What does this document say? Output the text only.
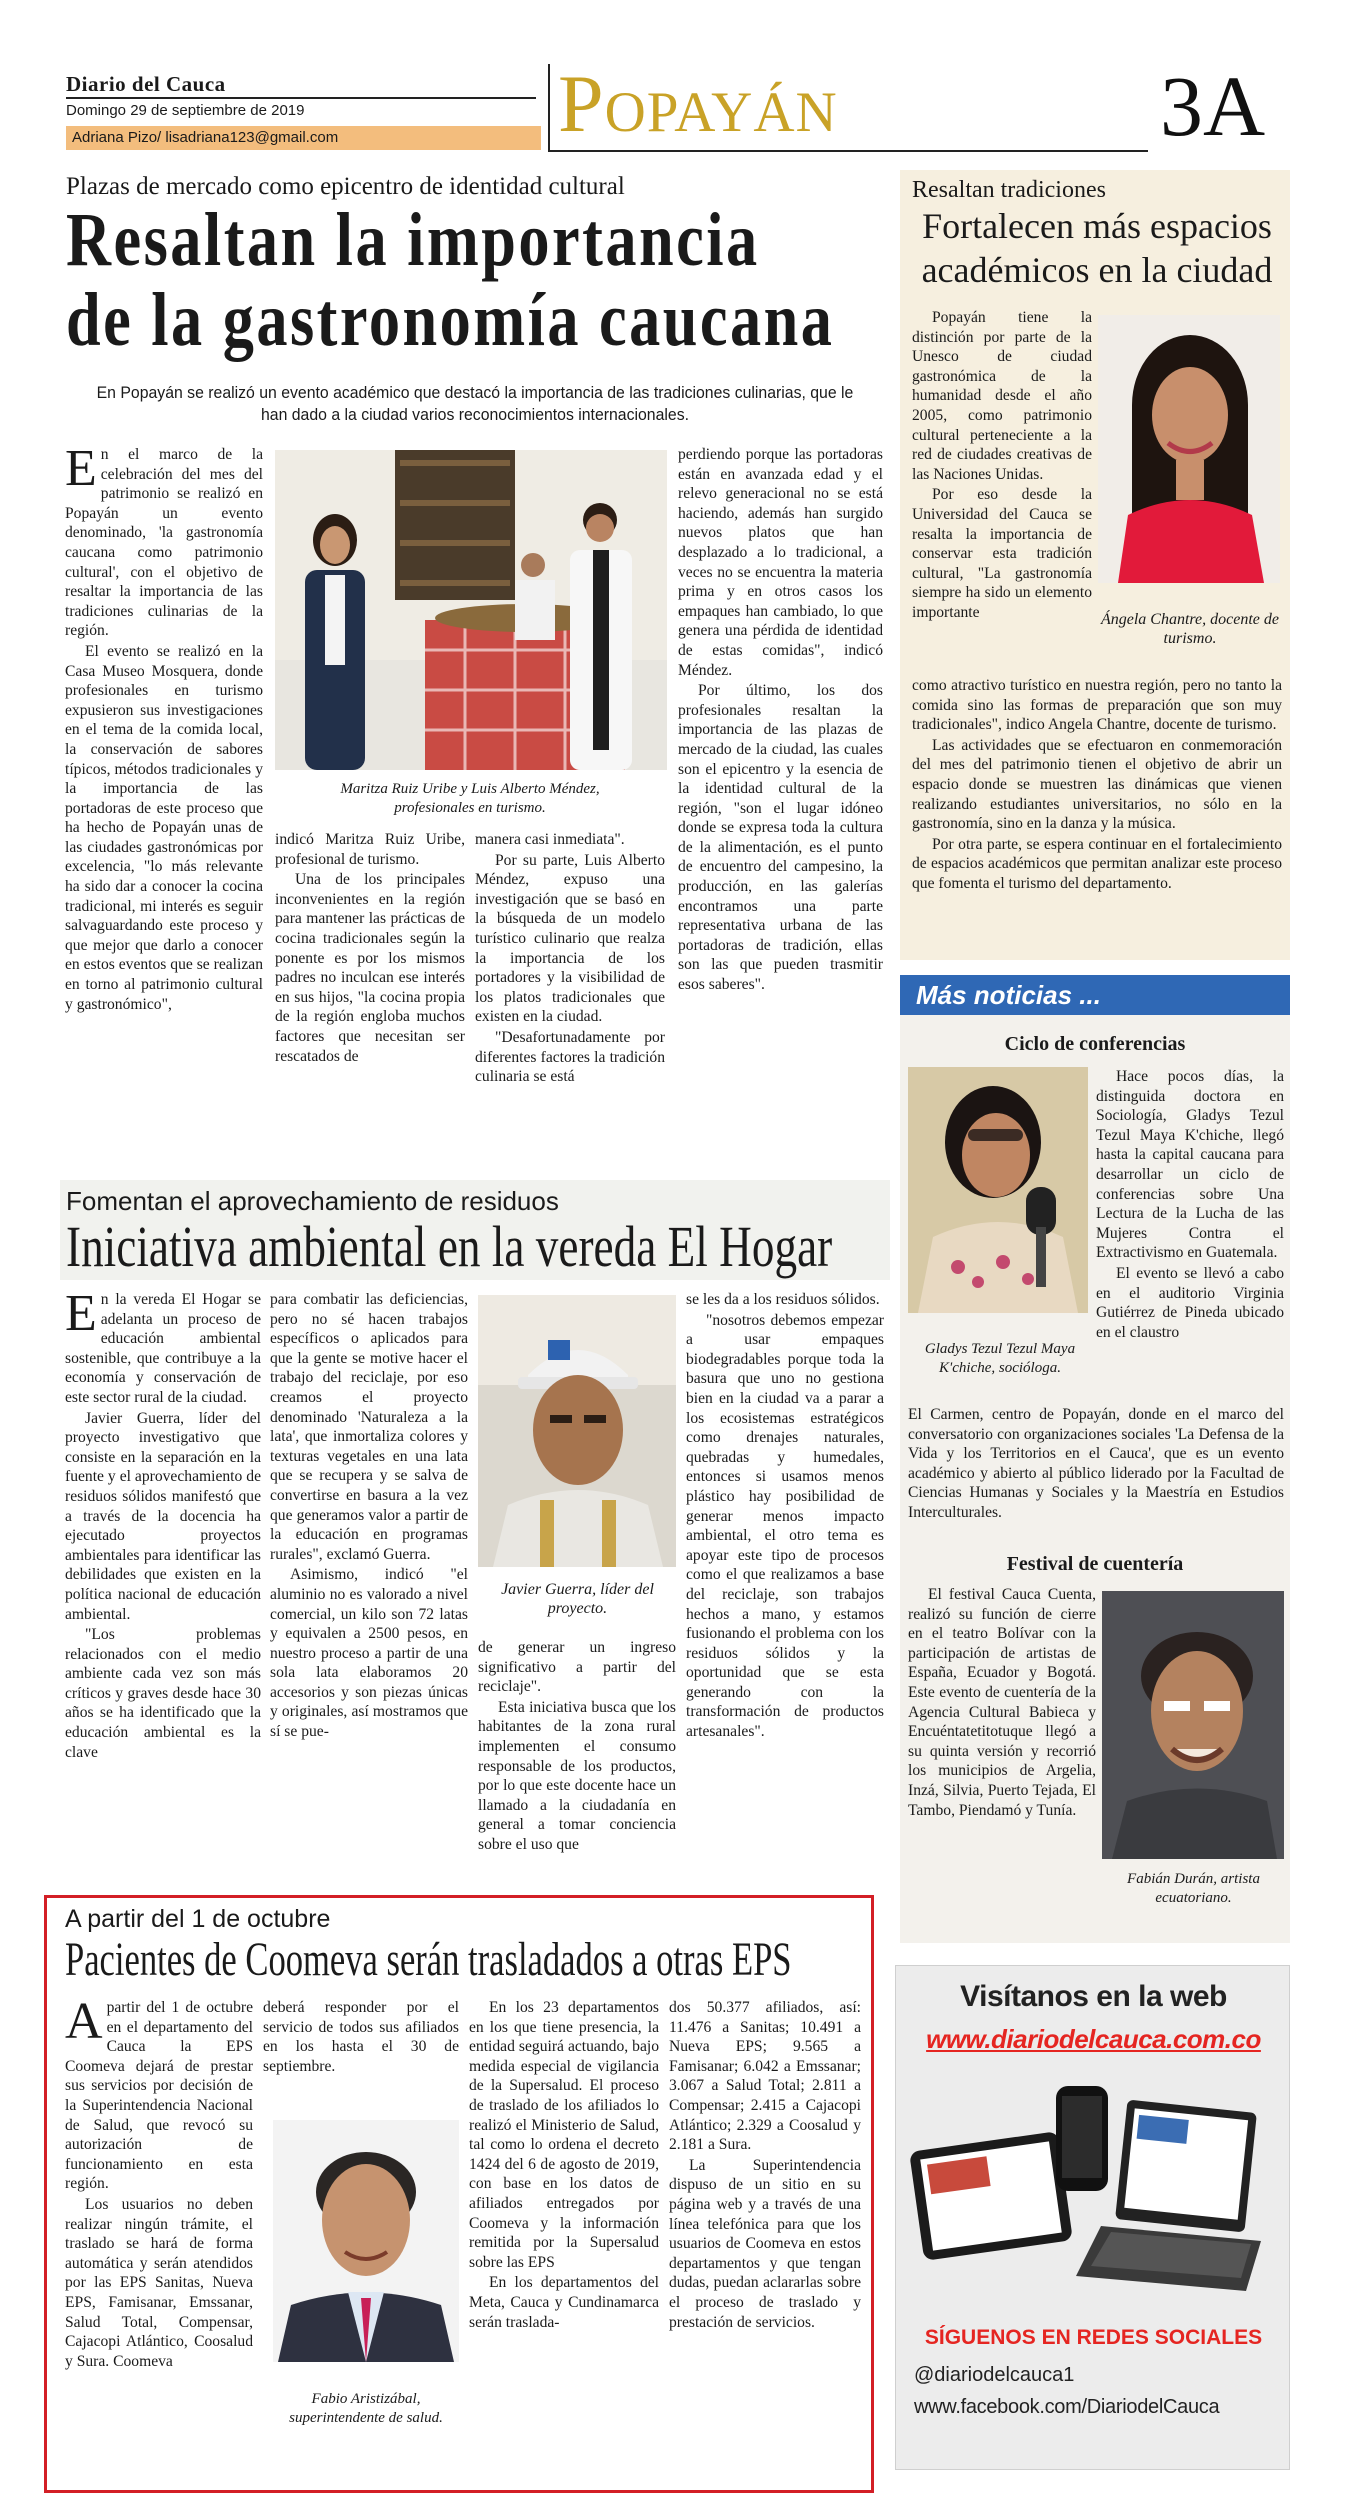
Diario del Cauca
Domingo 29 de septiembre de 2019
Adriana Pizo/ lisadriana123@gmail.com	Popayán	3A
Plazas de mercado como epicentro de identidad cultural
Resaltan la importancia
de la gastronomía caucana
En Popayán se realizó un evento académico que destacó la importancia de las tradiciones culinarias, que le han dado a la ciudad varios reconocimientos internacionales.
E n el marco de la celebración del mes del patrimonio se realizó en Popayán un evento denominado, 'la gastronomía caucana como patrimonio cultural', con el objetivo de resaltar la importancia de las tradiciones culinarias de la región.

El evento se realizó en la Casa Museo Mosquera, donde profesionales en turismo expusieron sus investigaciones en el tema de la comida local, la conservación de sabores típicos, métodos tradicionales y la importancia de las portadoras de este proceso que ha hecho de Popayán unas de las ciudades gastronómicas por excelencia, "lo más relevante ha sido dar a conocer la cocina tradicional, mi interés es seguir salvaguardando este proceso y que mejor que darlo a conocer en estos eventos que se realizan en torno al patrimonio cultural y gastronómico",

Maritza Ruiz Uribe y Luis Alberto Méndez, profesionales en turismo.

indicó Maritza Ruiz Uribe, profesional de turismo.

Una de los principales inconvenientes en la región para mantener las prácticas de cocina tradicionales según la ponente es por los mismos padres no inculcan ese interés en sus hijos, "la cocina propia de la región engloba muchos factores que necesitan ser rescatados de

manera casi inmediata".

Por su parte, Luis Alberto Méndez, expuso una investigación que se basó en la búsqueda de un modelo turístico culinario que realza la importancia de los portadores y la visibilidad de los platos tradicionales que existen en la ciudad.

"Desafortunadamente por diferentes factores la tradición culinaria se está

perdiendo porque las portadoras están en avanzada edad y el relevo generacional no se está haciendo, además han surgido nuevos platos que han desplazado a lo tradicional, a veces no se encuentra la materia prima y en otros casos los empaques han cambiado, lo que genera una pérdida de identidad de estas comidas", indicó Méndez.

Por último, los dos profesionales resaltan la importancia de las plazas de mercado de la ciudad, las cuales son el epicentro y la esencia de la identidad cultural de la región, "son el lugar idóneo donde se expresa toda la cultura de la alimentación, es el punto de encuentro del campesino, la producción, en las galerías encontramos una parte representativa urbana de las portadoras de tradición, ellas son las que pueden trasmitir esos saberes".

Resaltan tradiciones
Fortalecen más espacios académicos en la ciudad

Popayán tiene la distinción por parte de la Unesco de ciudad gastronómica de la humanidad desde el año 2005, como patrimonio cultural perteneciente a la red de ciudades creativas de las Naciones Unidas.

Por eso desde la Universidad del Cauca se resalta la importancia de conservar esta tradición cultural, "La gastronomía siempre ha sido un elemento importante	Ángela Chantre, docente de turismo.

como atractivo turístico en nuestra región, pero no tanto la comida sino las formas de preparación que son muy tradicionales", indico Angela Chantre, docente de turismo.

Las actividades que se efectuaron en conmemoración del mes del patrimonio tienen el objetivo de abrir un espacio donde se muestren las dinámicas que vienen realizando estudiantes universitarios, no sólo en la gastronomía, sino en la danza y la música.

Por otra parte, se espera continuar en el fortalecimiento de espacios académicos que permitan analizar este proceso que fomenta el turismo del departamento.

Más noticias ...
Ciclo de conferencias
Gladys Tezul Tezul Maya K'chiche, socióloga.

Hace pocos días, la distinguida doctora en Sociología, Gladys Tezul Tezul Maya K'chiche, llegó hasta la capital caucana para desarrollar un ciclo de conferencias sobre Una Lectura de la Lucha de las Mujeres Contra el Extractivismo en Guatemala.

El evento se llevó a cabo en el auditorio Virginia Gutiérrez de Pineda ubicado en el claustro

El Carmen, centro de Popayán, donde en el marco del conversatorio con organizaciones sociales 'La Defensa de la Vida y los Territorios en el Cauca', que es un evento académico y abierto al público liderado por la Facultad de Ciencias Humanas y Sociales y la Maestría en Estudios Interculturales.

Festival de cuentería

El festival Cauca Cuenta, realizó su función de cierre en el teatro Bolívar con la participación de artistas de España, Ecuador y Bogotá. Este evento de cuentería de la Agencia Cultural Babieca y Encuéntatetitotuque llegó a su quinta versión y recorrió los municipios de Argelia, Inzá, Silvia, Puerto Tejada, El Tambo, Piendamó y Tunía.

Fabián Durán, artista ecuatoriano.
Fomentan el aprovechamiento de residuos
Iniciativa ambiental en la vereda El Hogar
E n la vereda El Hogar se adelanta un proceso de educación ambiental sostenible, que contribuye a la economía y conservación de este sector rural de la ciudad.

Javier Guerra, líder del proyecto investigativo que consiste en la separación en la fuente y el aprovechamiento de residuos sólidos manifestó que a través de la docencia ha ejecutado proyectos ambientales para identificar las debilidades que existen en la política nacional de educación ambiental.

"Los problemas relacionados con el medio ambiente cada vez son más críticos y graves desde hace 30 años se ha identificado que la educación ambiental es la clave

para combatir las deficiencias, pero no sé hacen trabajos específicos o aplicados para que la gente se motive hacer el trabajo del reciclaje, por eso creamos el proyecto denominado 'Naturaleza a la lata', que inmortaliza colores y texturas vegetales en una lata que se recupera y se salva de convertirse en basura a la vez que generamos valor a partir de la educación en programas rurales", exclamó Guerra.

Asimismo, indicó "el aluminio no es valorado a nivel comercial, un kilo son 72 latas y equivalen a 2500 pesos, en nuestro proceso a partir de una sola lata elaboramos 20 accesorios y son piezas únicas y originales, así mostramos que sí se pue-

Javier Guerra, líder del proyecto.

de generar un ingreso significativo a partir del reciclaje".

Esta iniciativa busca que los habitantes de la zona rural implementen el consumo responsable de los productos, por lo que este docente hace un llamado a la ciudadanía en general a tomar conciencia sobre el uso que

se les da a los residuos sólidos.

"nosotros debemos empezar a usar empaques biodegradables porque toda la basura que uno no gestiona bien en la ciudad va a parar a los ecosistemas estratégicos como drenajes naturales, quebradas y humedales, entonces si usamos menos plástico hay posibilidad de generar menos impacto ambiental, el otro tema es apoyar este tipo de procesos como el que realizamos a base del reciclaje, son trabajos hechos a mano, y estamos fusionando el problema con los residuos sólidos y la oportunidad que se esta generando con la transformación de productos artesanales".

A partir del 1 de octubre
Pacientes de Coomeva serán trasladados a otras EPS
A partir del 1 de octubre en el departamento del Cauca la EPS Coomeva dejará de prestar sus servicios por decisión de la Superintendencia Nacional de Salud, que revocó su autorización de funcionamiento en esta región.

Los usuarios no deben realizar ningún trámite, el traslado se hará de forma automática y serán atendidos por las EPS Sanitas, Nueva EPS, Famisanar, Emssanar, Salud Total, Compensar, Cajacopi Atlántico, Coosalud y Sura. Coomeva

deberá responder por el servicio de todos sus afiliados en los hasta el 30 de septiembre.

Fabio Aristizábal, superintendente de salud.

En los 23 departamentos en los que tiene presencia, la entidad seguirá actuando, bajo medida especial de vigilancia de la Supersalud. El proceso de traslado de los afiliados lo realizó el Ministerio de Salud, tal como lo ordena el decreto 1424 del 6 de agosto de 2019, con base en los datos de afiliados entregados por Coomeva y la información remitida por la Supersalud sobre las EPS

En los departamentos del Meta, Cauca y Cundinamarca serán traslada-

dos 50.377 afiliados, así: 11.476 a Sanitas; 10.491 a Nueva EPS; 9.565 a Famisanar; 6.042 a Emssanar; 3.067 a Salud Total; 2.811 a Compensar; 2.415 a Cajacopi Atlántico; 2.329 a Coosalud y 2.181 a Sura.

La Superintendencia dispuso de un sitio en su página web y a través de una línea telefónica para que los usuarios de Coomeva en estos departamentos y que tengan dudas, puedan aclararlas sobre el proceso de traslado y prestación de servicios.

Visítanos en la web
www.diariodelcauca.com.co
SÍGUENOS EN REDES SOCIALES
@diariodelcauca1
www.facebook.com/DiariodelCauca
